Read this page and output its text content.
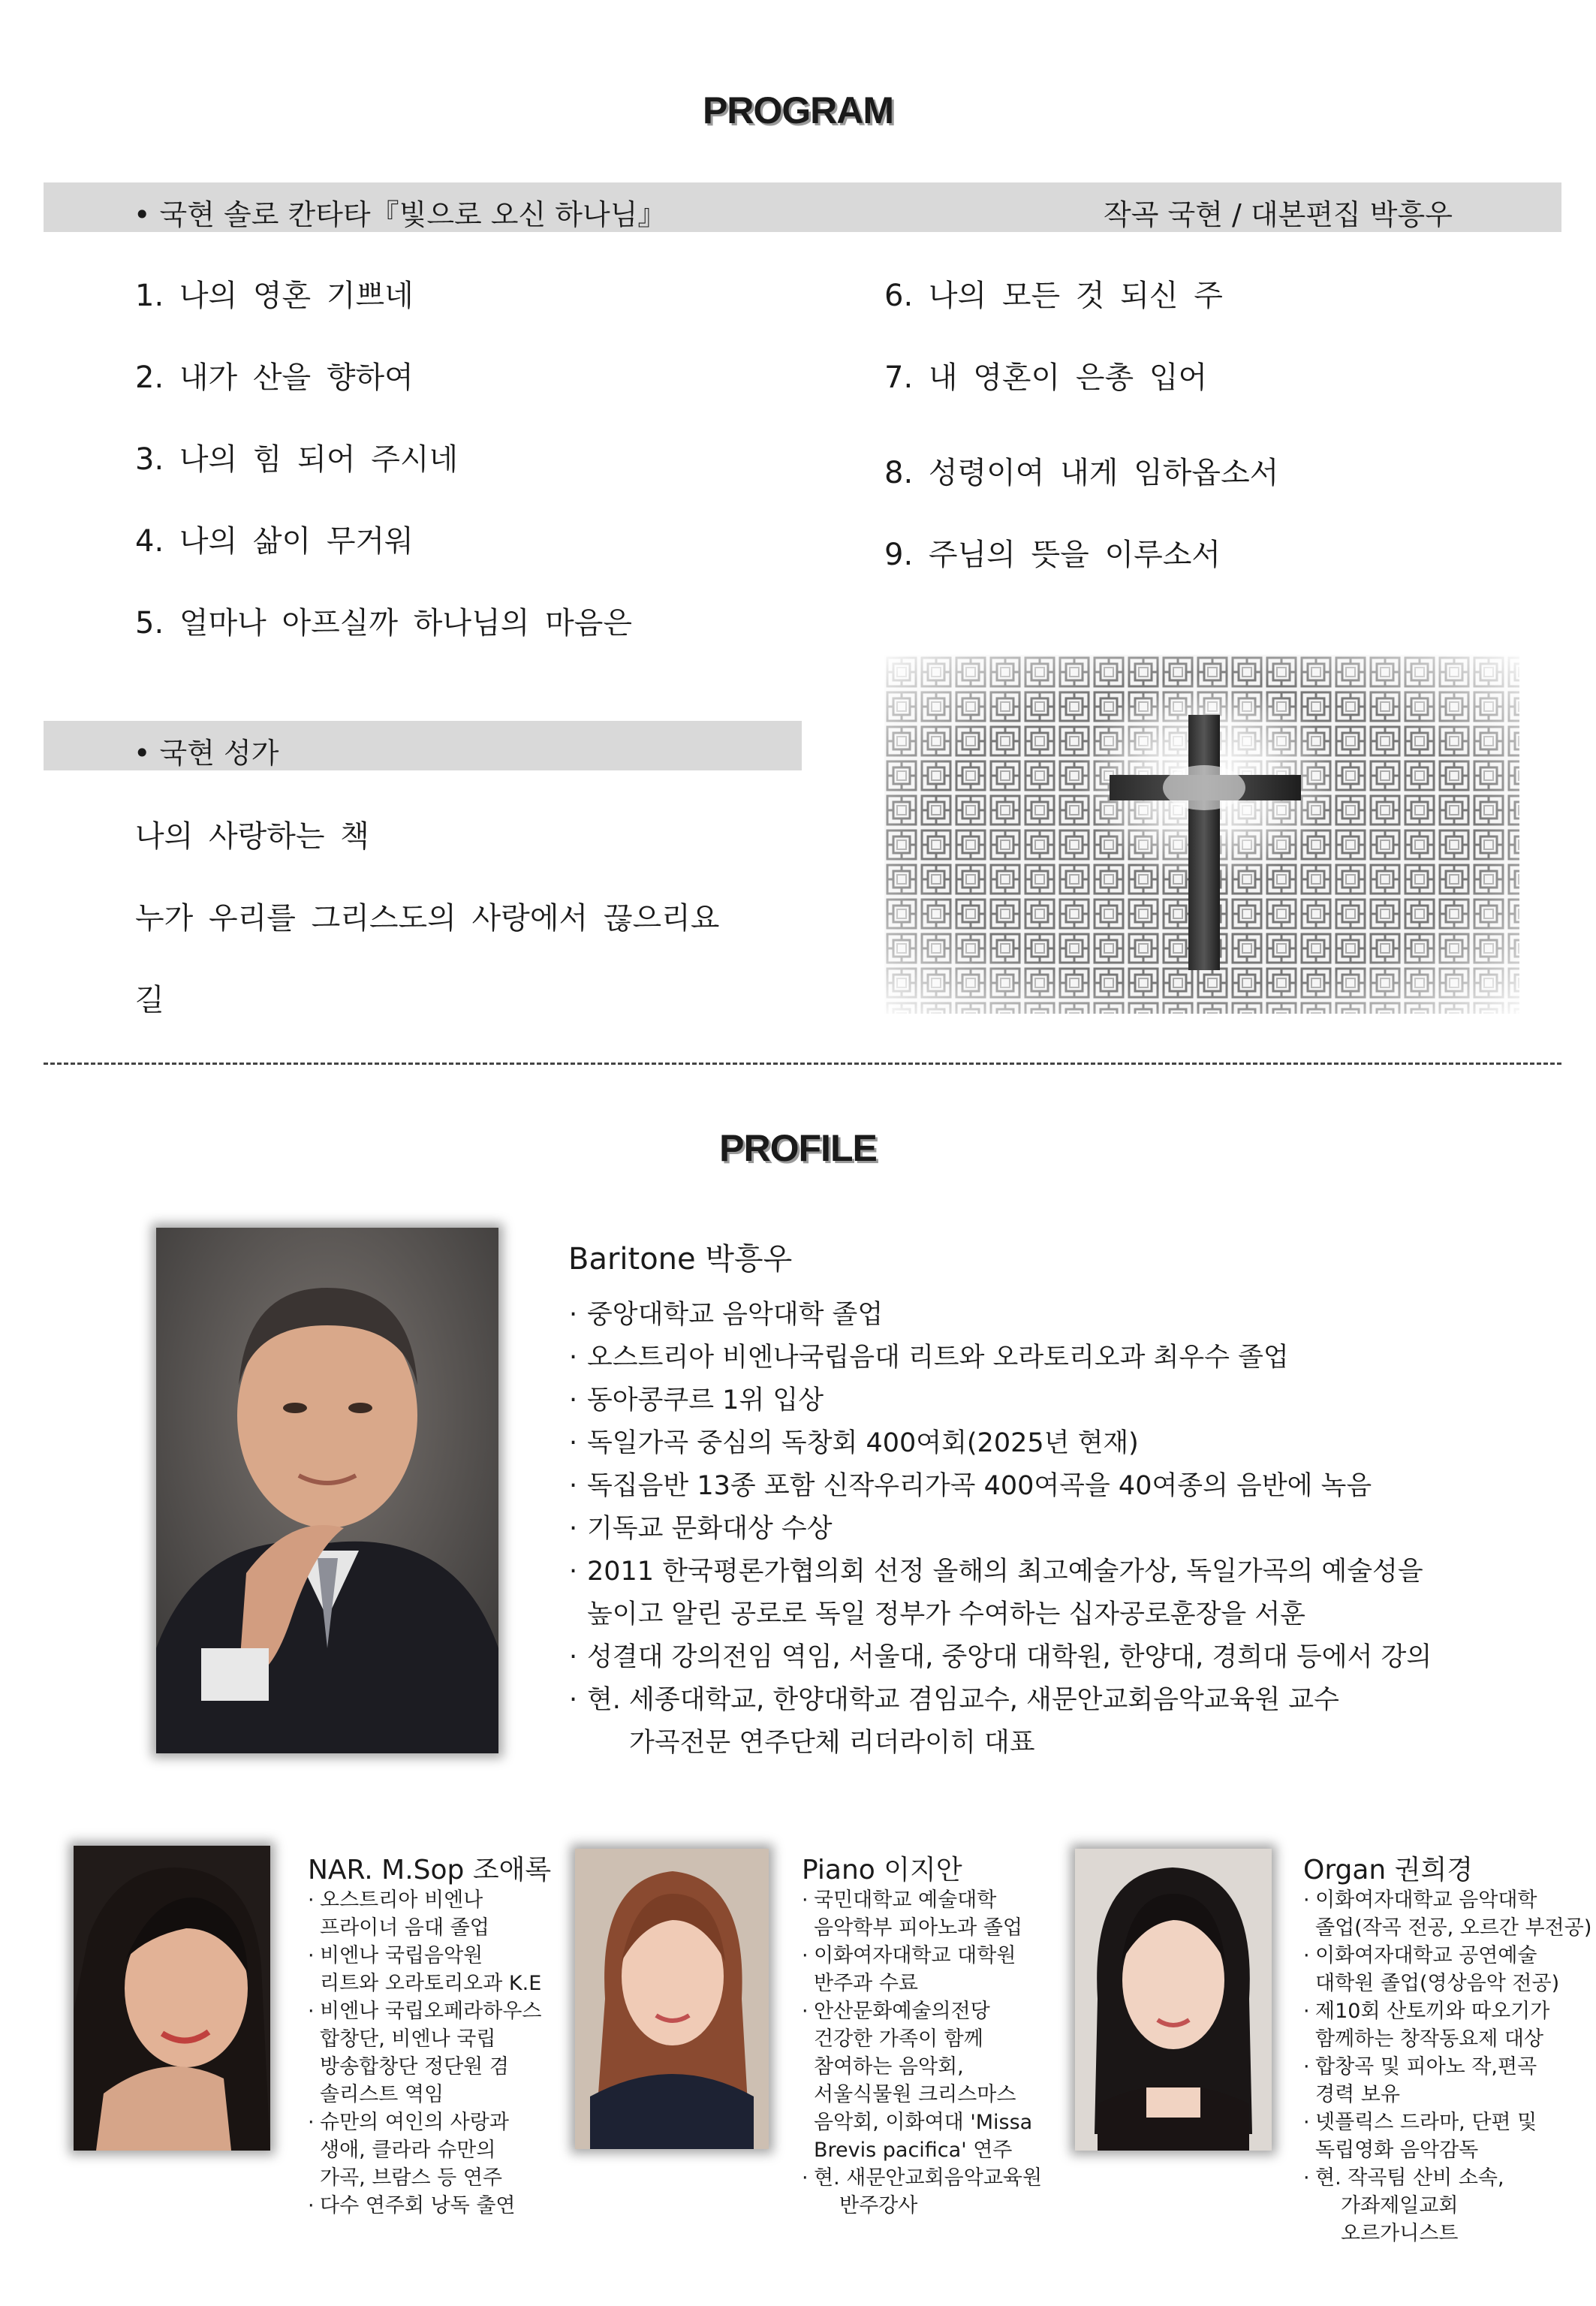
PROGRAM
• 국현 솔로 칸타타『빛으로 오신 하나님』	작곡 국현 / 대본편집 박흥우
1. 나의 영혼 기쁘네
2. 내가 산을 향하여
3. 나의 힘 되어 주시네
4. 나의 삶이 무거워
5. 얼마나 아프실까 하나님의 마음은
6. 나의 모든 것 되신 주
7. 내 영혼이 은총 입어
8. 성령이여 내게 임하옵소서
9. 주님의 뜻을 이루소서
• 국현 성가
나의 사랑하는 책
누가 우리를 그리스도의 사랑에서 끊으리요
길
PROFILE
Baritone 박흥우
· 중앙대학교 음악대학 졸업
· 오스트리아 비엔나국립음대 리트와 오라토리오과 최우수 졸업
· 동아콩쿠르 1위 입상
· 독일가곡 중심의 독창회 400여회(2025년 현재)
· 독집음반 13종 포함 신작우리가곡 400여곡을 40여종의 음반에 녹음
· 기독교 문화대상 수상
· 2011 한국평론가협의회 선정 올해의 최고예술가상, 독일가곡의 예술성을
높이고 알린 공로로 독일 정부가 수여하는 십자공로훈장을 서훈
· 성결대 강의전임 역임, 서울대, 중앙대 대학원, 한양대, 경희대 등에서 강의
· 현. 세종대학교, 한양대학교 겸임교수, 새문안교회음악교육원 교수
가곡전문 연주단체 리더라이히 대표
NAR. M.Sop 조애록
· 오스트리아 비엔나
프라이너 음대 졸업
· 비엔나 국립음악원
리트와 오라토리오과 K.E
· 비엔나 국립오페라하우스
합창단, 비엔나 국립
방송합창단 정단원 겸
솔리스트 역임
· 슈만의 여인의 사랑과
생애, 클라라 슈만의
가곡, 브람스 등 연주
· 다수 연주회 낭독 출연
Piano 이지안
· 국민대학교 예술대학
음악학부 피아노과 졸업
· 이화여자대학교 대학원
반주과 수료
· 안산문화예술의전당
건강한 가족이 함께
참여하는 음악회,
서울식물원 크리스마스
음악회, 이화여대 'Missa
Brevis pacifica' 연주
· 현. 새문안교회음악교육원
반주강사
Organ 권희경
· 이화여자대학교 음악대학
졸업(작곡 전공, 오르간 부전공)
· 이화여자대학교 공연예술
대학원 졸업(영상음악 전공)
· 제10회 산토끼와 따오기가
함께하는 창작동요제 대상
· 합창곡 및 피아노 작,편곡
경력 보유
· 넷플릭스 드라마, 단편 및
독립영화 음악감독
· 현. 작곡팀 산비 소속,
가좌제일교회
오르가니스트
